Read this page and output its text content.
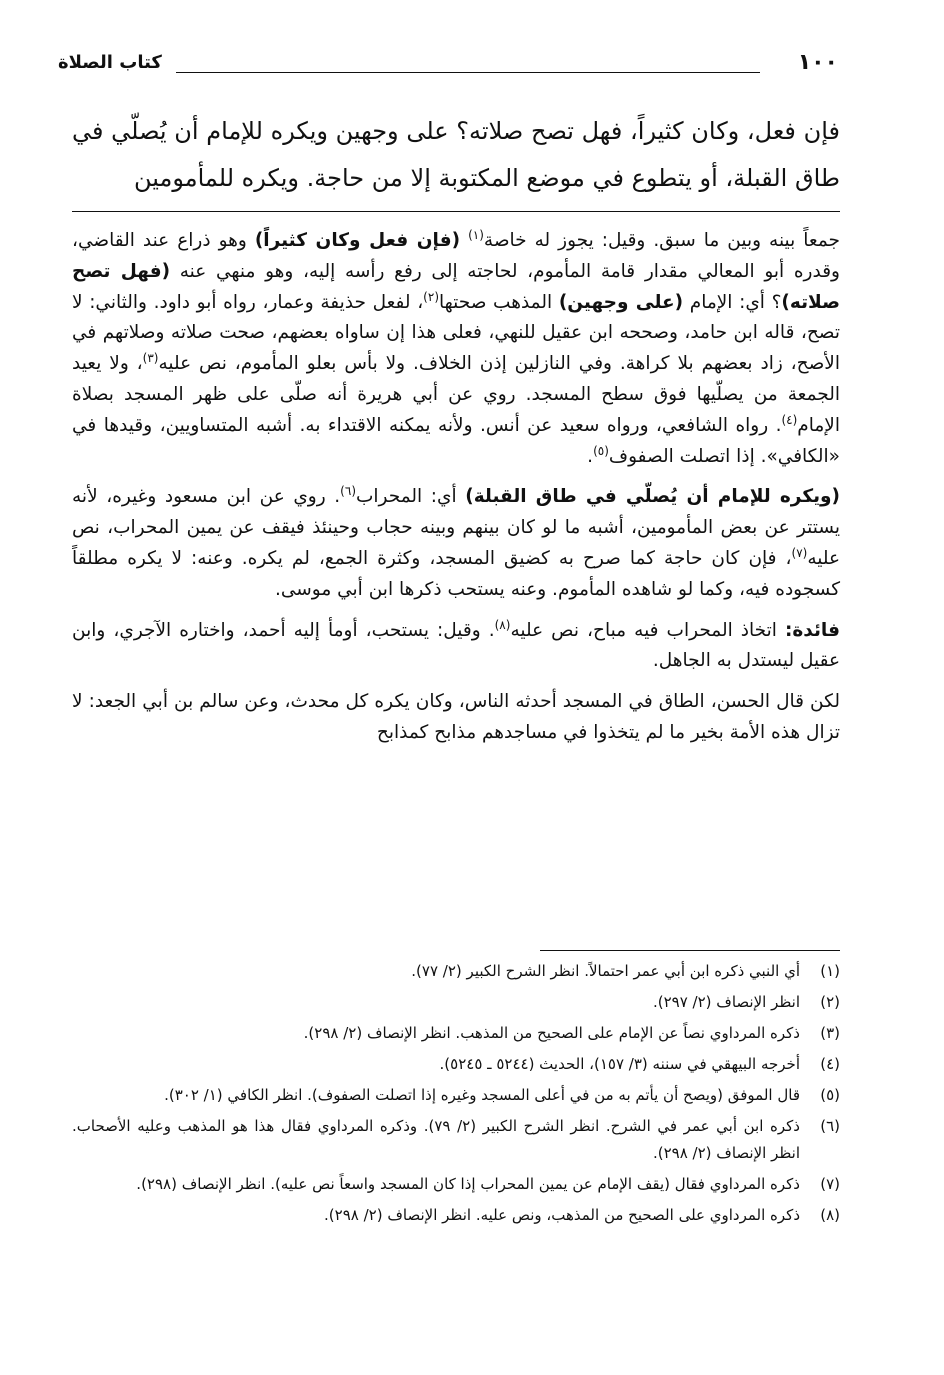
١٠٠
كتاب الصلاة

فإن فعل، وكان كثيراً، فهل تصح صلاته؟ على وجهين ويكره للإمام أن يُصلّي في طاق القبلة، أو يتطوع في موضع المكتوبة إلا من حاجة. ويكره للمأمومين

جمعاً بينه وبين ما سبق. وقيل: يجوز له خاصة$^{(١)}$ (فإن فعل وكان كثيراً) وهو ذراع عند القاضي، وقدره أبو المعالي مقدار قامة المأموم، لحاجته إلى رفع رأسه إليه، وهو منهي عنه (فهل تصح صلاته)؟ أي: الإمام (على وجهين) المذهب صحتها$^{(٢)}$، لفعل حذيفة وعمار، رواه أبو داود. والثاني: لا تصح، قاله ابن حامد، وصححه ابن عقيل للنهي، فعلى هذا إن ساواه بعضهم، صحت صلاته وصلاتهم في الأصح، زاد بعضهم بلا كراهة. وفي النازلين إذن الخلاف. ولا بأس بعلو المأموم، نص عليه$^{(٣)}$، ولا يعيد الجمعة من يصلّيها فوق سطح المسجد. روي عن أبي هريرة أنه صلّى على ظهر المسجد بصلاة الإمام$^{(٤)}$. رواه الشافعي، ورواه سعيد عن أنس. ولأنه يمكنه الاقتداء به. أشبه المتساويين، وقيدها في «الكافي». إذا اتصلت الصفوف$^{(٥)}$.

(ويكره للإمام أن يُصلّي في طاق القبلة) أي: المحراب$^{(٦)}$. روي عن ابن مسعود وغيره، لأنه يستتر عن بعض المأمومين، أشبه ما لو كان بينهم وبينه حجاب وحينئذ فيقف عن يمين المحراب، نص عليه$^{(٧)}$، فإن كان حاجة كما صرح به كضيق المسجد، وكثرة الجمع، لم يكره. وعنه: لا يكره مطلقاً كسجوده فيه، وكما لو شاهده المأموم. وعنه يستحب ذكرها ابن أبي موسى.

فائدة: اتخاذ المحراب فيه مباح، نص عليه$^{(٨)}$. وقيل: يستحب، أومأ إليه أحمد، واختاره الآجري، وابن عقيل ليستدل به الجاهل.

لكن قال الحسن، الطاق في المسجد أحدثه الناس، وكان يكره كل محدث، وعن سالم بن أبي الجعد: لا تزال هذه الأمة بخير ما لم يتخذوا في مساجدهم مذابح كمذابح

(١)
أي النبي ذكره ابن أبي عمر احتمالاً. انظر الشرح الكبير (٢/ ٧٧).
(٢)
انظر الإنصاف (٢/ ٢٩٧).
(٣)
ذكره المرداوي نصاً عن الإمام على الصحيح من المذهب. انظر الإنصاف (٢/ ٢٩٨).
(٤)
أخرجه البيهقي في سننه (٣/ ١٥٧)، الحديث (٥٢٤٤ ـ ٥٢٤٥).
(٥)
قال الموفق (ويصح أن يأتم به من في أعلى المسجد وغيره إذا اتصلت الصفوف). انظر الكافي (١/ ٣٠٢).
(٦)
ذكره ابن أبي عمر في الشرح. انظر الشرح الكبير (٢/ ٧٩). وذكره المرداوي فقال هذا هو المذهب وعليه الأصحاب. انظر الإنصاف (٢/ ٢٩٨).
(٧)
ذكره المرداوي فقال (يقف الإمام عن يمين المحراب إذا كان المسجد واسعاً نص عليه). انظر الإنصاف (٢٩٨).
(٨)
ذكره المرداوي على الصحيح من المذهب، ونص عليه. انظر الإنصاف (٢/ ٢٩٨).
